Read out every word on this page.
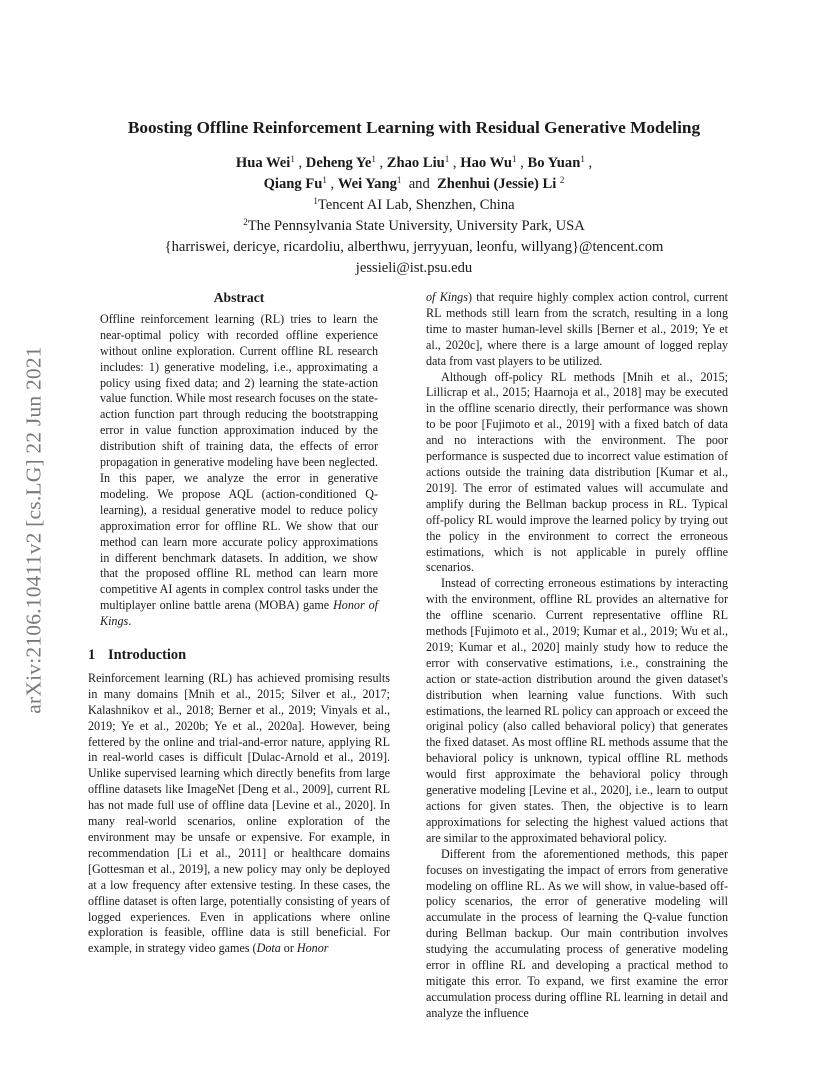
arXiv:2106.10411v2 [cs.LG] 22 Jun 2021
Boosting Offline Reinforcement Learning with Residual Generative Modeling
Hua Wei$^1$ , Deheng Ye$^1$ , Zhao Liu$^1$ , Hao Wu$^1$ , Bo Yuan$^1$ ,
Qiang Fu$^1$ , Wei Yang$^1$ and Zhenhui (Jessie) Li $^2$
$^1$Tencent AI Lab, Shenzhen, China
$^2$The Pennsylvania State University, University Park, USA
{harriswei, dericye, ricardoliu, alberthwu, jerryyuan, leonfu, willyang}@tencent.com
jessieli@ist.psu.edu
Abstract

Offline reinforcement learning (RL) tries to learn the near-optimal policy with recorded offline experience without online exploration. Current offline RL research includes: 1) generative modeling, i.e., approximating a policy using fixed data; and 2) learning the state-action value function. While most research focuses on the state-action function part through reducing the bootstrapping error in value function approximation induced by the distribution shift of training data, the effects of error propagation in generative modeling have been neglected. In this paper, we analyze the error in generative modeling. We propose AQL (action-conditioned Q-learning), a residual generative model to reduce policy approximation error for offline RL. We show that our method can learn more accurate policy approximations in different benchmark datasets. In addition, we show that the proposed offline RL method can learn more competitive AI agents in complex control tasks under the multiplayer online battle arena (MOBA) game Honor of Kings.

1 Introduction

Reinforcement learning (RL) has achieved promising results in many domains [Mnih et al., 2015; Silver et al., 2017; Kalashnikov et al., 2018; Berner et al., 2019; Vinyals et al., 2019; Ye et al., 2020b; Ye et al., 2020a]. However, being fettered by the online and trial-and-error nature, applying RL in real-world cases is difficult [Dulac-Arnold et al., 2019]. Unlike supervised learning which directly benefits from large offline datasets like ImageNet [Deng et al., 2009], current RL has not made full use of offline data [Levine et al., 2020]. In many real-world scenarios, online exploration of the environment may be unsafe or expensive. For example, in recommendation [Li et al., 2011] or healthcare domains [Gottesman et al., 2019], a new policy may only be deployed at a low frequency after extensive testing. In these cases, the offline dataset is often large, potentially consisting of years of logged experiences. Even in applications where online exploration is feasible, offline data is still beneficial. For example, in strategy video games (Dota or Honor

of Kings) that require highly complex action control, current RL methods still learn from the scratch, resulting in a long time to master human-level skills [Berner et al., 2019; Ye et al., 2020c], where there is a large amount of logged replay data from vast players to be utilized.

Although off-policy RL methods [Mnih et al., 2015; Lillicrap et al., 2015; Haarnoja et al., 2018] may be executed in the offline scenario directly, their performance was shown to be poor [Fujimoto et al., 2019] with a fixed batch of data and no interactions with the environment. The poor performance is suspected due to incorrect value estimation of actions outside the training data distribution [Kumar et al., 2019]. The error of estimated values will accumulate and amplify during the Bellman backup process in RL. Typical off-policy RL would improve the learned policy by trying out the policy in the environment to correct the erroneous estimations, which is not applicable in purely offline scenarios.

Instead of correcting erroneous estimations by interacting with the environment, offline RL provides an alternative for the offline scenario. Current representative offline RL methods [Fujimoto et al., 2019; Kumar et al., 2019; Wu et al., 2019; Kumar et al., 2020] mainly study how to reduce the error with conservative estimations, i.e., constraining the action or state-action distribution around the given dataset's distribution when learning value functions. With such estimations, the learned RL policy can approach or exceed the original policy (also called behavioral policy) that generates the fixed dataset. As most offline RL methods assume that the behavioral policy is unknown, typical offline RL methods would first approximate the behavioral policy through generative modeling [Levine et al., 2020], i.e., learn to output actions for given states. Then, the objective is to learn approximations for selecting the highest valued actions that are similar to the approximated behavioral policy.

Different from the aforementioned methods, this paper focuses on investigating the impact of errors from generative modeling on offline RL. As we will show, in value-based off-policy scenarios, the error of generative modeling will accumulate in the process of learning the Q-value function during Bellman backup. Our main contribution involves studying the accumulating process of generative modeling error in offline RL and developing a practical method to mitigate this error. To expand, we first examine the error accumulation process during offline RL learning in detail and analyze the influence
